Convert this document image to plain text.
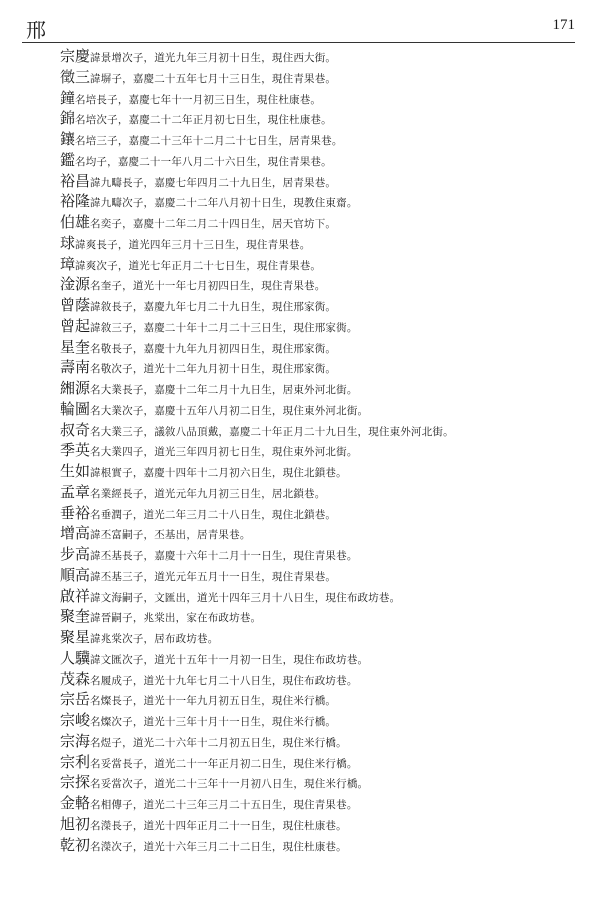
邢	171
宗慶諱景增次子，道光九年三月初十日生，現住西大街。
徵三諱塀子，嘉慶二十五年七月十三日生，現住青果巷。
鐘名培長子，嘉慶七年十一月初三日生，現住杜康巷。
錦名培次子，嘉慶二十二年正月初七日生，現住杜康巷。
鑲名培三子，嘉慶二十三年十二月二十七日生，居青果巷。
鑑名均子，嘉慶二十一年八月二十六日生，現住青果巷。
裕昌諱九疇長子，嘉慶七年四月二十九日生，居青果巷。
裕隆諱九疇次子，嘉慶二十二年八月初十日生，現教住東齋。
伯雄名奕子，嘉慶十二年二月二十四日生，居天官坊下。
球諱爽長子，道光四年三月十三日生，現住青果巷。
璋諱爽次子，道光七年正月二十七日生，現住青果巷。
淦源名奎子，道光十一年七月初四日生，現住青果巷。
曾蔭諱敘長子，嘉慶九年七月二十九日生，現住邢家衖。
曾起諱敘三子，嘉慶二十年十二月二十三日生，現住邢家衖。
星奎名敬長子，嘉慶十九年九月初四日生，現住邢家衖。
壽南名敬次子，道光十二年九月初十日生，現住邢家衖。
緗源名大業長子，嘉慶十二年二月十九日生，居東外河北街。
輪圖名大業次子，嘉慶十五年八月初二日生，現住東外河北街。
叔奇名大業三子，議敘八品頂戴，嘉慶二十年正月二十九日生，現住東外河北街。
季英名大業四子，道光三年四月初七日生，現住東外河北街。
生如諱根實子，嘉慶十四年十二月初六日生，現住北鎖巷。
孟章名業經長子，道光元年九月初三日生，居北鎖巷。
垂裕名垂潤子，道光二年三月二十八日生，現住北鎖巷。
增高諱丕富嗣子，丕基出，居青果巷。
步高諱丕基長子，嘉慶十六年十二月十一日生，現住青果巷。
順高諱丕基三子，道光元年五月十一日生，現住青果巷。
啟祥諱文海嗣子，文匯出，道光十四年三月十八日生，現住布政坊巷。
聚奎諱晉嗣子，兆棠出，家在布政坊巷。
聚星諱兆棠次子，居布政坊巷。
人驥諱文匯次子，道光十五年十一月初一日生，現住布政坊巷。
茂森名履成子，道光十九年七月二十八日生，現住布政坊巷。
宗岳名燦長子，道光十一年九月初五日生，現住米行橋。
宗峻名燦次子，道光十三年十月十一日生，現住米行橋。
宗海名煜子，道光二十六年十二月初五日生，現住米行橋。
宗利名妥當長子，道光二十一年正月初二日生，現住米行橋。
宗探名妥當次子，道光二十三年十一月初八日生，現住米行橋。
金輅名相傳子，道光二十三年三月二十五日生，現住青果巷。
旭初名濚長子，道光十四年正月二十一日生，現住杜康巷。
乾初名濚次子，道光十六年三月二十二日生，現住杜康巷。
